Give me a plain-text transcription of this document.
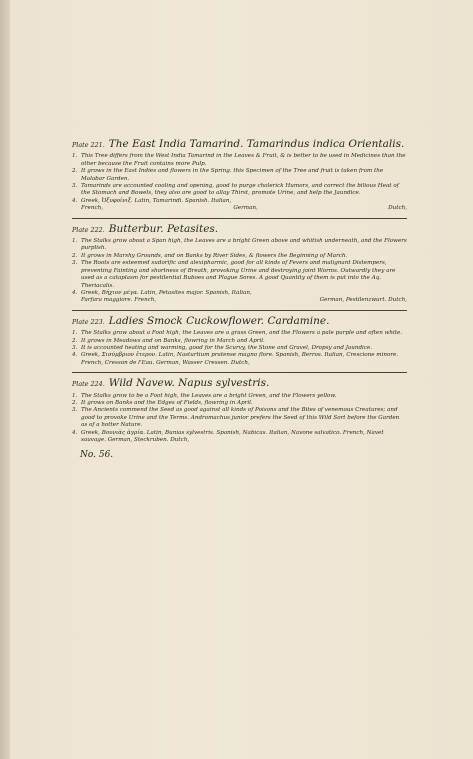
Plate 221. The East India Tamarind. Tamarindus indica Orientalis.
1. This Tree differs from the West India Tamarind in the Leaves & Fruit, & is better to be used in Medicines than the other because the Fruit contains more Pulp.
2. It grows in the East Indies and flowers in the Spring. this Specimen of the Tree and fruit is taken from the Malabar Garden.
3. Tamarinds are accounted cooling and opening, good to purge cholerick Humors, and correct the bilious Heat of the Stomach and Bowels, they also are good to allay Thirst, promote Urine, and help the Jaundice.
4. Greek, Ὀξυφοίνιξ. Latin, Tamarindi. Spanish. Italian,
French,	German,	Dutch,
Plate 222. Butterbur. Petasites.
1. The Stalks grow about a Span high, the Leaves are a bright Green above and whitish underneath, and the Flowers purplish.
2. It grows in Marshy Grounds, and on Banks by River Sides, & flowers the Beginning of March.
3. The Roots are esteemed sudorific and alexipharmic, good for all kinds of Fevers and malignant Distempers, preventing Fainting and shortness of Breath, provoking Urine and destroying joint Worms. Outwardly they are used as a cataplasm for pestilential Buboes and Plague Sores. A good Quantity of them is put into the Aq. Theriacalis.
4. Greek, Βήχιον μέγα. Latin, Petasites major. Spanish, Italian,
Farfara maggiore. French,	German, Pestilenzwurt. Dutch,
Plate 223. Ladies Smock Cuckowflower. Cardamine.
1. The Stalks grow about a Foot high, the Leaves are a grass Green, and the Flowers a pale purple and often white.
2. It grows in Meadows and on Banks, flowring in March and April.
3. It is accounted heating and warming, good for the Scurvy, the Stone and Gravel, Dropsy and Jaundice.
4. Greek, Σισύμβριον ἕτερον. Latin, Nasturtium pratense magno flore. Spanish, Berros. Italian, Crescione minore. French, Cresson de l'Eau. German, Wasser Cressen. Dutch,
Plate 224. Wild Navew. Napus sylvestris.
1. The Stalks grow to be a Foot high, the Leaves are a bright Green, and the Flowers yellow.
2. It grows on Banks and the Edges of Fields, flowring in April.
3. The Ancients commend the Seed as good against all kinds of Poisons and the Bites of venemous Creatures; and good to provoke Urine and the Terms. Andromachus junior prefers the Seed of this Wild Sort before the Garden as of a hotter Nature.
4. Greek, Βουνιὰς ἀγρία. Latin, Bunias sylvestris. Spanish, Nabicas. Italian, Navone salvatico. French, Navet sauvage. German, Steckruben. Dutch,
No. 56.
